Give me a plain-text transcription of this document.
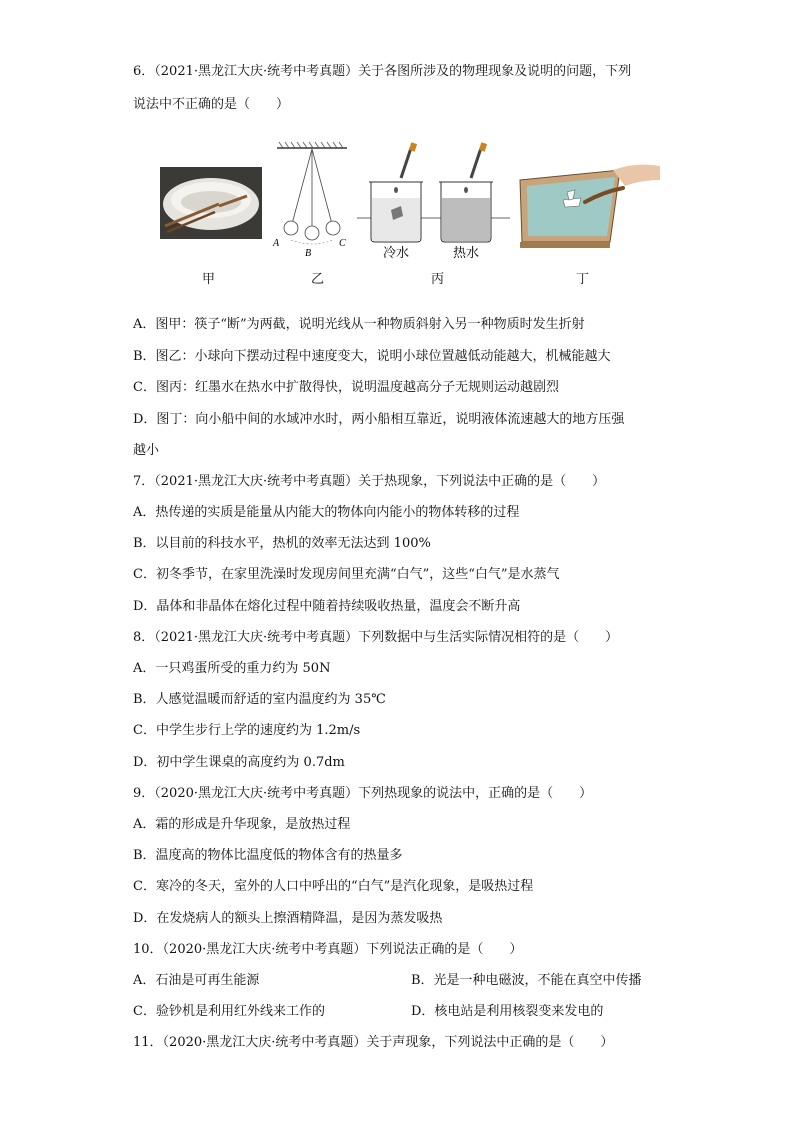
6．（2021·黑龙江大庆·统考中考真题）关于各图所涉及的物理现象及说明的问题，下列
说法中不正确的是（　　）
A
B
C
冷水	热水
甲	乙	丙	丁
A．图甲：筷子“断”为两截，说明光线从一种物质斜射入另一种物质时发生折射
B．图乙：小球向下摆动过程中速度变大，说明小球位置越低动能越大，机械能越大
C．图丙：红墨水在热水中扩散得快，说明温度越高分子无规则运动越剧烈
D．图丁：向小船中间的水域冲水时，两小船相互靠近，说明液体流速越大的地方压强
越小
7．（2021·黑龙江大庆·统考中考真题）关于热现象，下列说法中正确的是（　　）
A．热传递的实质是能量从内能大的物体向内能小的物体转移的过程
B．以目前的科技水平，热机的效率无法达到 100%
C．初冬季节，在家里洗澡时发现房间里充满“白气”，这些“白气”是水蒸气
D．晶体和非晶体在熔化过程中随着持续吸收热量，温度会不断升高
8．（2021·黑龙江大庆·统考中考真题）下列数据中与生活实际情况相符的是（　　）
A．一只鸡蛋所受的重力约为 50N
B．人感觉温暖而舒适的室内温度约为 35℃
C．中学生步行上学的速度约为 1.2m/s
D．初中学生课桌的高度约为 0.7dm
9．（2020·黑龙江大庆·统考中考真题）下列热现象的说法中，正确的是（　　）
A．霜的形成是升华现象，是放热过程
B．温度高的物体比温度低的物体含有的热量多
C．寒冷的冬天，室外的人口中呼出的“白气”是汽化现象，是吸热过程
D．在发烧病人的额头上擦酒精降温，是因为蒸发吸热
10．（2020·黑龙江大庆·统考中考真题）下列说法正确的是（　　）
A．石油是可再生能源	B．光是一种电磁波，不能在真空中传播
C．验钞机是利用红外线来工作的	D．核电站是利用核裂变来发电的
11．（2020·黑龙江大庆·统考中考真题）关于声现象，下列说法中正确的是（　　）
